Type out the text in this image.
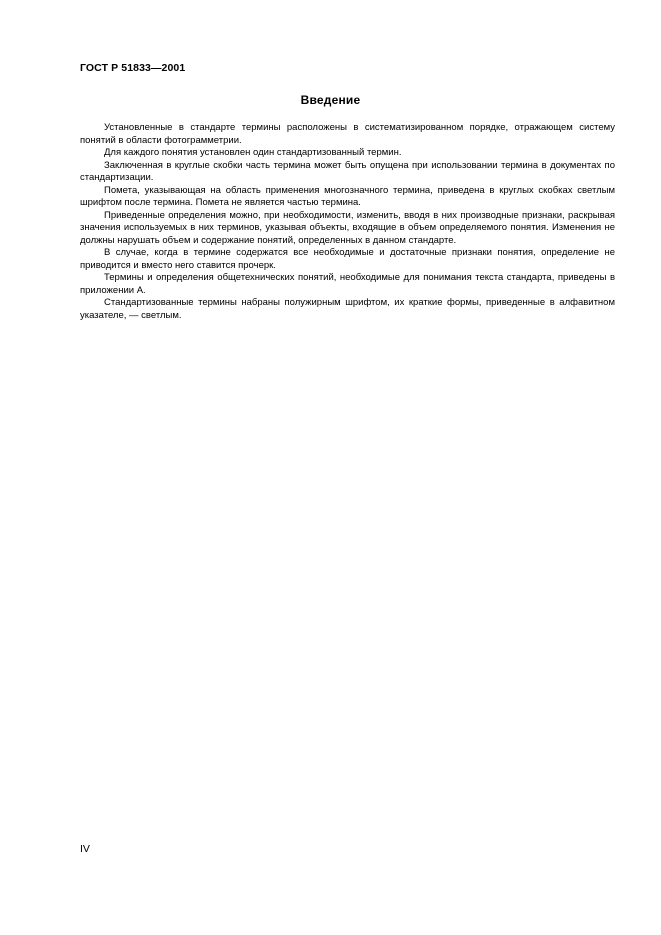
ГОСТ Р 51833—2001
Введение

Установленные в стандарте термины расположены в систематизированном порядке, отражающем систему понятий в области фотограмметрии.

Для каждого понятия установлен один стандартизованный термин.

Заключенная в круглые скобки часть термина может быть опущена при использовании термина в документах по стандартизации.

Пометa, указывающая на область применения многозначного термина, приведена в круглых скобках светлым шрифтом после термина. Пометa не является частью термина.

Приведенные определения можно, при необходимости, изменить, вводя в них производные признаки, раскрывая значения используемых в них терминов, указывая объекты, входящие в объем определяемого понятия. Изменения не должны нарушать объем и содержание понятий, определенных в данном стандарте.

В случае, когда в термине содержатся все необходимые и достаточные признаки понятия, определение не приводится и вместо него ставится прочерк.

Термины и определения общетехнических понятий, необходимые для понимания текста стандарта, приведены в приложении А.

Стандартизованные термины набраны полужирным шрифтом, их краткие формы, приведенные в алфавитном указателе, — светлым.

IV
